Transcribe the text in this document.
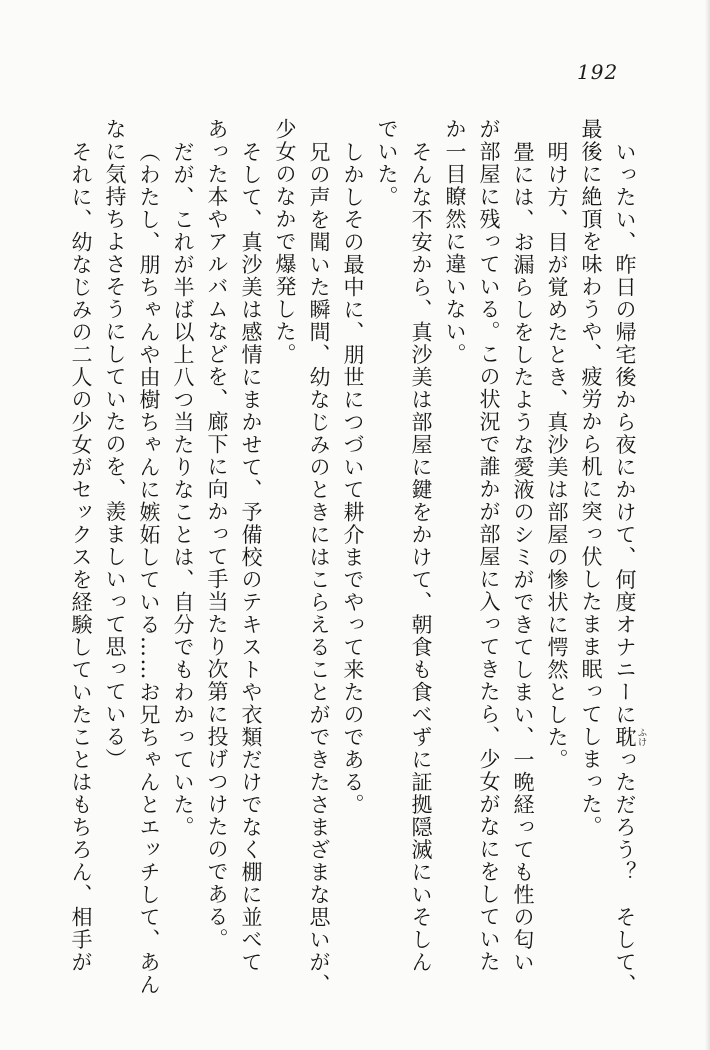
192
いったい、昨日の帰宅後から夜にかけて、何度オナニーに耽ふけっただろう？　そして、
最後に絶頂を味わうや、疲労から机に突っ伏したまま眠ってしまった。
明け方、目が覚めたとき、真沙美は部屋の惨状に愕然とした。
畳には、お漏らしをしたような愛液のシミができてしまい、一晩経っても性の匂い
が部屋に残っている。この状況で誰かが部屋に入ってきたら、少女がなにをしていた
か一目瞭然に違いない。
そんな不安から、真沙美は部屋に鍵をかけて、朝食も食べずに証拠隠滅にいそしん
でいた。
しかしその最中に、朋世につづいて耕介までやって来たのである。
兄の声を聞いた瞬間、幼なじみのときにはこらえることができたさまざまな思いが、
少女のなかで爆発した。
そして、真沙美は感情にまかせて、予備校のテキストや衣類だけでなく棚に並べて
あった本やアルバムなどを、廊下に向かって手当たり次第に投げつけたのである。
だが、これが半ば以上八つ当たりなことは、自分でもわかっていた。
（わたし、朋ちゃんや由樹ちゃんに嫉妬している……お兄ちゃんとエッチして、あん
なに気持ちよさそうにしていたのを、羨ましいって思っている）
それに、幼なじみの二人の少女がセックスを経験していたことはもちろん、相手が
